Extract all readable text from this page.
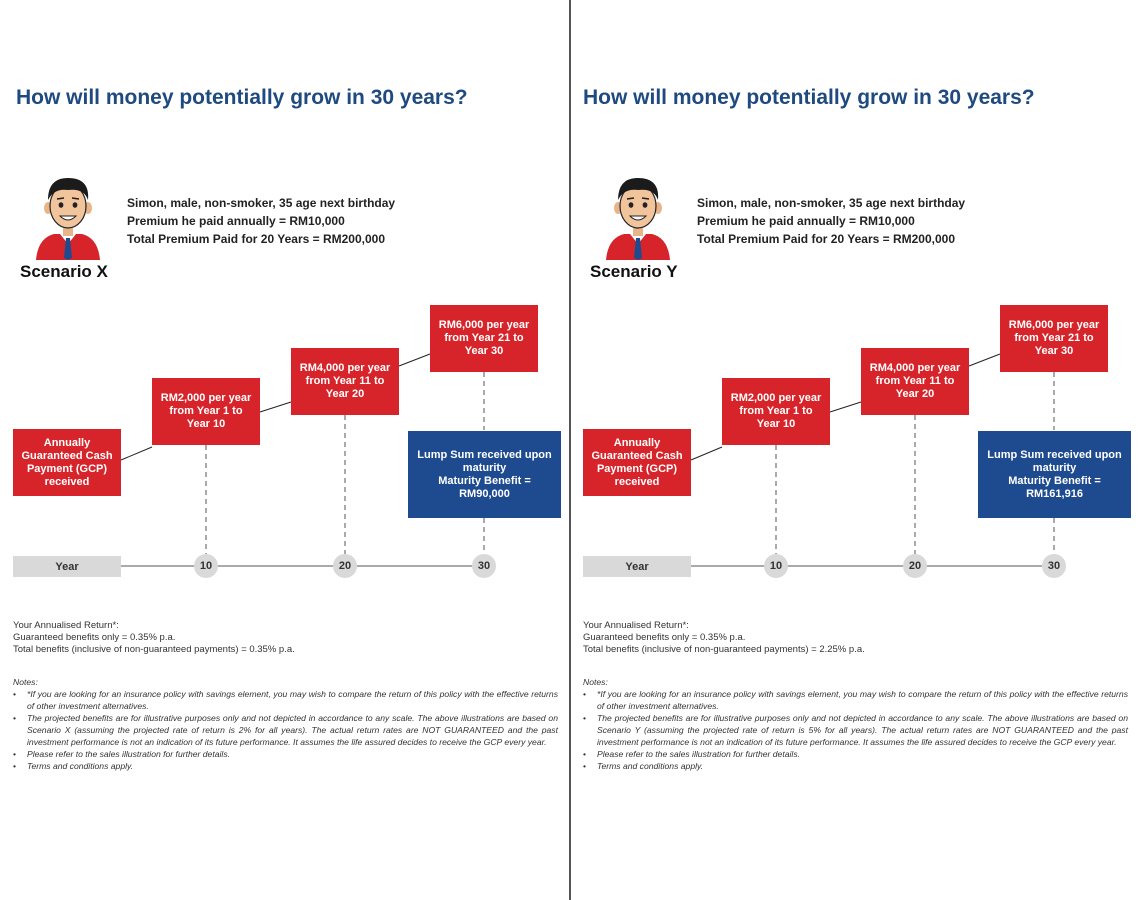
How will money potentially grow in 30 years?
Scenario X
Simon, male, non-smoker, 35 age next birthday
Premium he paid annually = RM10,000
Total Premium Paid for 20 Years = RM200,000
Annually
Guaranteed Cash
Payment (GCP)
received
RM2,000 per year
from Year 1 to
Year 10
RM4,000 per year
from Year 11 to
Year 20
RM6,000 per year
from Year 21 to
Year 30
Lump Sum received upon
maturity
Maturity Benefit =
RM90,000
Year	10	20	30
Your Annualised Return*:
Guaranteed benefits only = 0.35% p.a.
Total benefits (inclusive of non-guaranteed payments) = 0.35% p.a.
Notes:
• *If you are looking for an insurance policy with savings element, you may wish to compare the return of this policy with the effective returns of other investment alternatives.
• The projected benefits are for illustrative purposes only and not depicted in accordance to any scale. The above illustrations are based on Scenario X (assuming the projected rate of return is 2% for all years). The actual return rates are NOT GUARANTEED and the past investment performance is not an indication of its future performance. It assumes the life assured decides to receive the GCP every year.
• Please refer to the sales illustration for further details.
• Terms and conditions apply.
How will money potentially grow in 30 years?
Scenario Y
Simon, male, non-smoker, 35 age next birthday
Premium he paid annually = RM10,000
Total Premium Paid for 20 Years = RM200,000
Annually
Guaranteed Cash
Payment (GCP)
received
RM2,000 per year
from Year 1 to
Year 10
RM4,000 per year
from Year 11 to
Year 20
RM6,000 per year
from Year 21 to
Year 30
Lump Sum received upon
maturity
Maturity Benefit =
RM161,916
Year	10	20	30
Your Annualised Return*:
Guaranteed benefits only = 0.35% p.a.
Total benefits (inclusive of non-guaranteed payments) = 2.25% p.a.
Notes:
• *If you are looking for an insurance policy with savings element, you may wish to compare the return of this policy with the effective returns of other investment alternatives.
• The projected benefits are for illustrative purposes only and not depicted in accordance to any scale. The above illustrations are based on Scenario Y (assuming the projected rate of return is 5% for all years). The actual return rates are NOT GUARANTEED and the past investment performance is not an indication of its future performance. It assumes the life assured decides to receive the GCP every year.
• Please refer to the sales illustration for further details.
• Terms and conditions apply.
